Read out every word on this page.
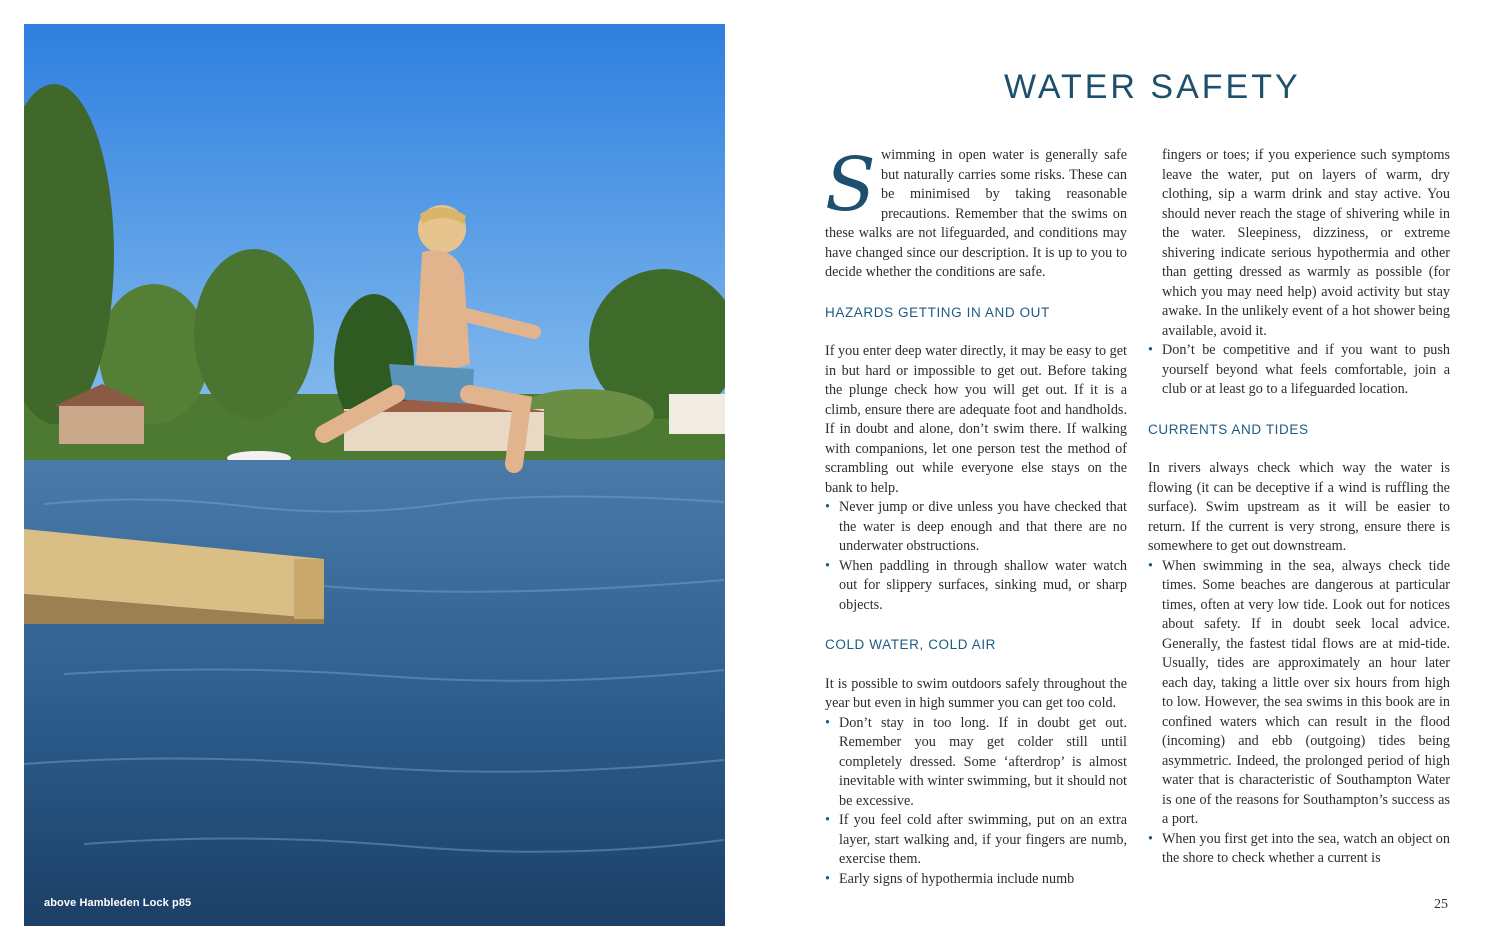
above Hambleden Lock p85
WATER SAFETY

Swimming in open water is generally safe but naturally carries some risks. These can be minimised by taking reasonable precautions. Remember that the swims on these walks are not lifeguarded, and conditions may have changed since our description. It is up to you to decide whether the conditions are safe.

HAZARDS GETTING IN AND OUT

If you enter deep water directly, it may be easy to get in but hard or impossible to get out. Before taking the plunge check how you will get out. If it is a climb, ensure there are adequate foot and handholds. If in doubt and alone, don’t swim there. If walking with companions, let one person test the method of scrambling out while everyone else stays on the bank to help.

• Never jump or dive unless you have checked that the water is deep enough and that there are no underwater obstructions.
• When paddling in through shallow water watch out for slippery surfaces, sinking mud, or sharp objects.
COLD WATER, COLD AIR

It is possible to swim outdoors safely throughout the year but even in high summer you can get too cold.

• Don’t stay in too long. If in doubt get out. Remember you may get colder still until completely dressed. Some ‘afterdrop’ is almost inevitable with winter swimming, but it should not be excessive.
• If you feel cold after swimming, put on an extra layer, start walking and, if your fingers are numb, exercise them.
• Early signs of hypothermia include numb

fingers or toes; if you experience such symptoms leave the water, put on layers of warm, dry clothing, sip a warm drink and stay active. You should never reach the stage of shivering while in the water. Sleepiness, dizziness, or extreme shivering indicate serious hypothermia and other than getting dressed as warmly as possible (for which you may need help) avoid activity but stay awake. In the unlikely event of a hot shower being available, avoid it.

• Don’t be competitive and if you want to push yourself beyond what feels comfortable, join a club or at least go to a lifeguarded location.
CURRENTS AND TIDES

In rivers always check which way the water is flowing (it can be deceptive if a wind is ruffling the surface). Swim upstream as it will be easier to return. If the current is very strong, ensure there is somewhere to get out downstream.

• When swimming in the sea, always check tide times. Some beaches are dangerous at particular times, often at very low tide. Look out for notices about safety. If in doubt seek local advice. Generally, the fastest tidal flows are at mid-tide. Usually, tides are approximately an hour later each day, taking a little over six hours from high to low. However, the sea swims in this book are in confined waters which can result in the flood (incoming) and ebb (outgoing) tides being asymmetric. Indeed, the prolonged period of high water that is characteristic of Southampton Water is one of the reasons for Southampton’s success as a port.
• When you first get into the sea, watch an object on the shore to check whether a current is
25
